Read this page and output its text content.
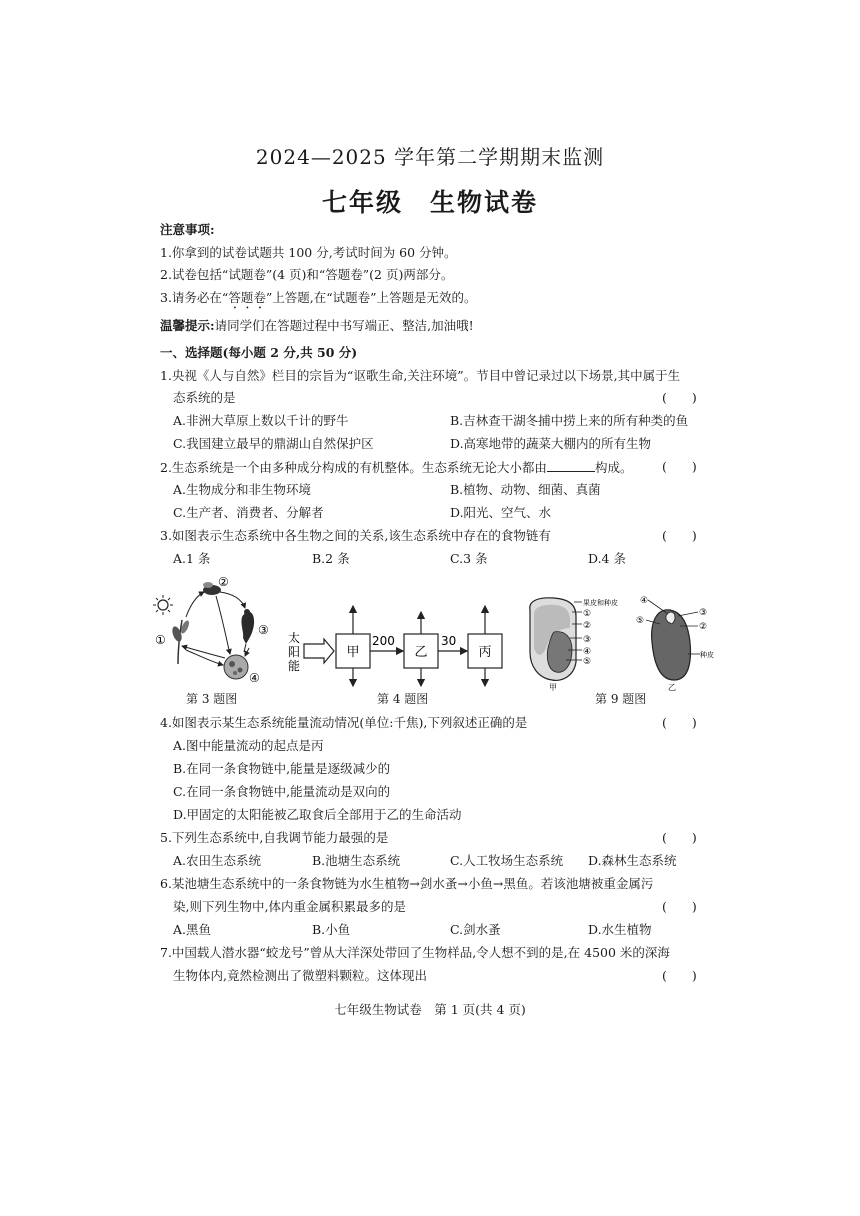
2024—2025 学年第二学期期末监测
七年级　生物试卷
注意事项:
1.你拿到的试卷试题共 100 分,考试时间为 60 分钟。
2.试卷包括“试题卷”(4 页)和“答题卷”(2 页)两部分。
3.请务必在“答题卷”上答题,在“试题卷”上答题是无效的。
温馨提示:请同学们在答题过程中书写端正、整洁,加油哦!
一、选择题(每小题 2 分,共 50 分)
1.央视《人与自然》栏目的宗旨为“讴歌生命,关注环境”。节目中曾记录过以下场景,其中属于生
态系统的是	(　　)
A.非洲大草原上数以千计的野牛	B.吉林查干湖冬捕中捞上来的所有种类的鱼
C.我国建立最早的鼎湖山自然保护区	D.高寒地带的蔬菜大棚内的所有生物
2.生态系统是一个由多种成分构成的有机整体。生态系统无论大小都由	构成。 (　　)
A.生物成分和非生物环境	B.植物、动物、细菌、真菌
C.生产者、消费者、分解者	D.阳光、空气、水
3.如图表示生态系统中各生物之间的关系,该生态系统中存在的食物链有	(　　)
A.1 条	B.2 条	C.3 条	D.4 条
①
②
③
④
第 3 题图
太
阳
能
甲	乙	丙
200	30
第 4 题图
果皮和种皮
①
②
③
④
⑤
甲
④
⑤
③
②
种皮
乙
第 9 题图
4.如图表示某生态系统能量流动情况(单位:千焦),下列叙述正确的是	(　　)
A.图中能量流动的起点是丙
B.在同一条食物链中,能量是逐级减少的
C.在同一条食物链中,能量流动是双向的
D.甲固定的太阳能被乙取食后全部用于乙的生命活动
5.下列生态系统中,自我调节能力最强的是	(　　)
A.农田生态系统	B.池塘生态系统	C.人工牧场生态系统 D.森林生态系统
6.某池塘生态系统中的一条食物链为水生植物→剑水蚤→小鱼→黑鱼。若该池塘被重金属污
染,则下列生物中,体内重金属积累最多的是	(　　)
A.黑鱼	B.小鱼	C.剑水蚤	D.水生植物
7.中国载人潜水器“蛟龙号”曾从大洋深处带回了生物样品,令人想不到的是,在 4500 米的深海
生物体内,竟然检测出了微塑料颗粒。这体现出	(　　)
七年级生物试卷　第 1 页(共 4 页)
